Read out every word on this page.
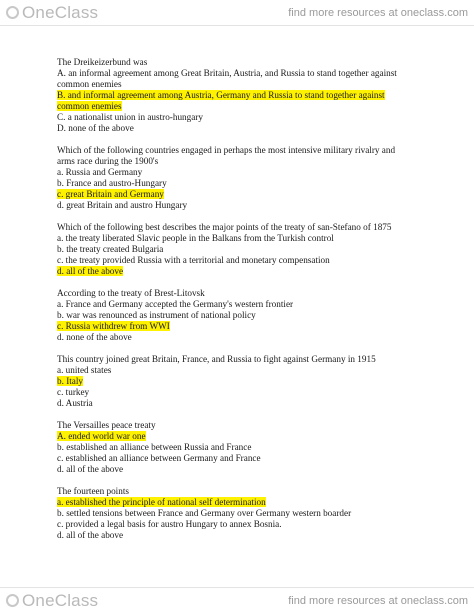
OneClass	find more resources at oneclass.com
The Dreikeizerbund was
A. an informal agreement among Great Britain, Austria, and Russia to stand together against common enemies
B. and informal agreement among Austria, Germany and Russia to stand together against common enemies
C. a nationalist union in austro-hungary
D. none of the above
Which of the following countries engaged in perhaps the most intensive military rivalry and arms race during the 1900's
a. Russia and Germany
b. France and austro-Hungary
c. great Britain and Germany
d. great Britain and austro Hungary
Which of the following best describes the major points of the treaty of san-Stefano of 1875
a. the treaty liberated Slavic people in the Balkans from the Turkish control
b. the treaty created Bulgaria
c. the treaty provided Russia with a territorial and monetary compensation
d. all of the above
According to the treaty of Brest-Litovsk
a. France and Germany accepted the Germany's western frontier
b. war was renounced as instrument of national policy
c. Russia withdrew from WWI
d. none of the above
This country joined great Britain, France, and Russia to fight against Germany in 1915
a. united states
b. Italy
c. turkey
d. Austria
The Versailles peace treaty
A. ended world war one
b. established an alliance between Russia and France
c. established an alliance between Germany and France
d. all of the above
The fourteen points
a. established the principle of national self determination
b. settled tensions between France and Germany over Germany western boarder
c. provided a legal basis for austro Hungary to annex Bosnia.
d. all of the above
OneClass	find more resources at oneclass.com
